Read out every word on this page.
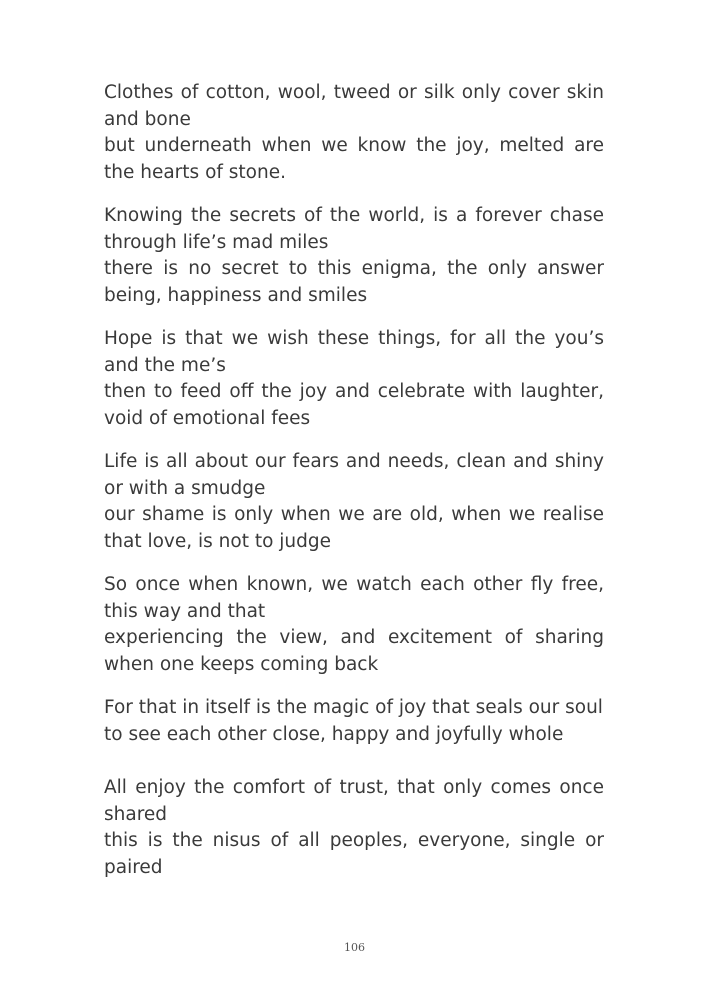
Clothes of cotton, wool, tweed or silk only cover skin and bone

but underneath when we know the joy, melted are the hearts of stone.

Knowing the secrets of the world, is a forever chase through life’s mad miles

there is no secret to this enigma, the only answer being, happiness and smiles

Hope is that we wish these things, for all the you’s and the me’s

then to feed off the joy and celebrate with laughter, void of emotional fees

Life is all about our fears and needs, clean and shiny or with a smudge

our shame is only when we are old, when we realise that love, is not to judge

So once when known, we watch each other fly free, this way and that

experiencing the view, and excitement of sharing when one keeps coming back

For that in itself is the magic of joy that seals our soul

to see each other close, happy and joyfully whole

All enjoy the comfort of trust, that only comes once shared

this is the nisus of all peoples, everyone, single or paired

106
